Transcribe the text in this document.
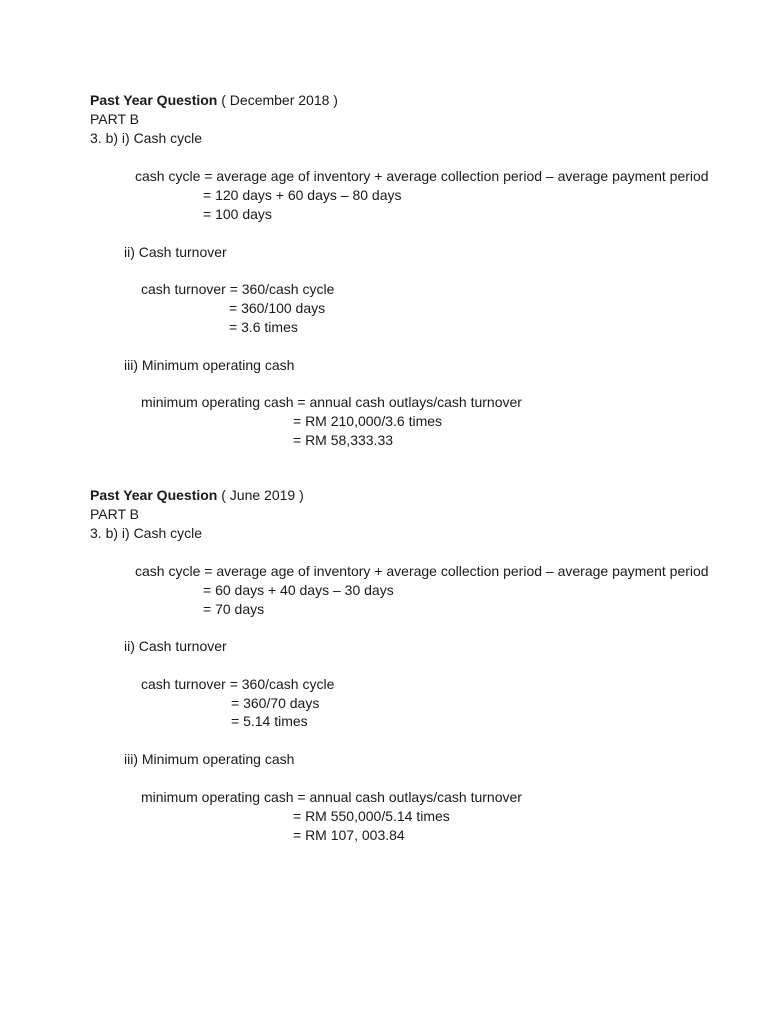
Past Year Question ( December 2018 )
PART B
3. b) i) Cash cycle
cash cycle = average age of inventory + average collection period – average payment period
= 120 days + 60 days – 80 days
= 100 days
ii) Cash turnover
cash turnover = 360/cash cycle
= 360/100 days
= 3.6 times
iii) Minimum operating cash
minimum operating cash = annual cash outlays/cash turnover
= RM 210,000/3.6 times
= RM 58,333.33
Past Year Question ( June 2019 )
PART B
3. b) i) Cash cycle
cash cycle = average age of inventory + average collection period – average payment period
= 60 days + 40 days – 30 days
= 70 days
ii) Cash turnover
cash turnover = 360/cash cycle
= 360/70 days
= 5.14 times
iii) Minimum operating cash
minimum operating cash = annual cash outlays/cash turnover
= RM 550,000/5.14 times
= RM 107, 003.84
